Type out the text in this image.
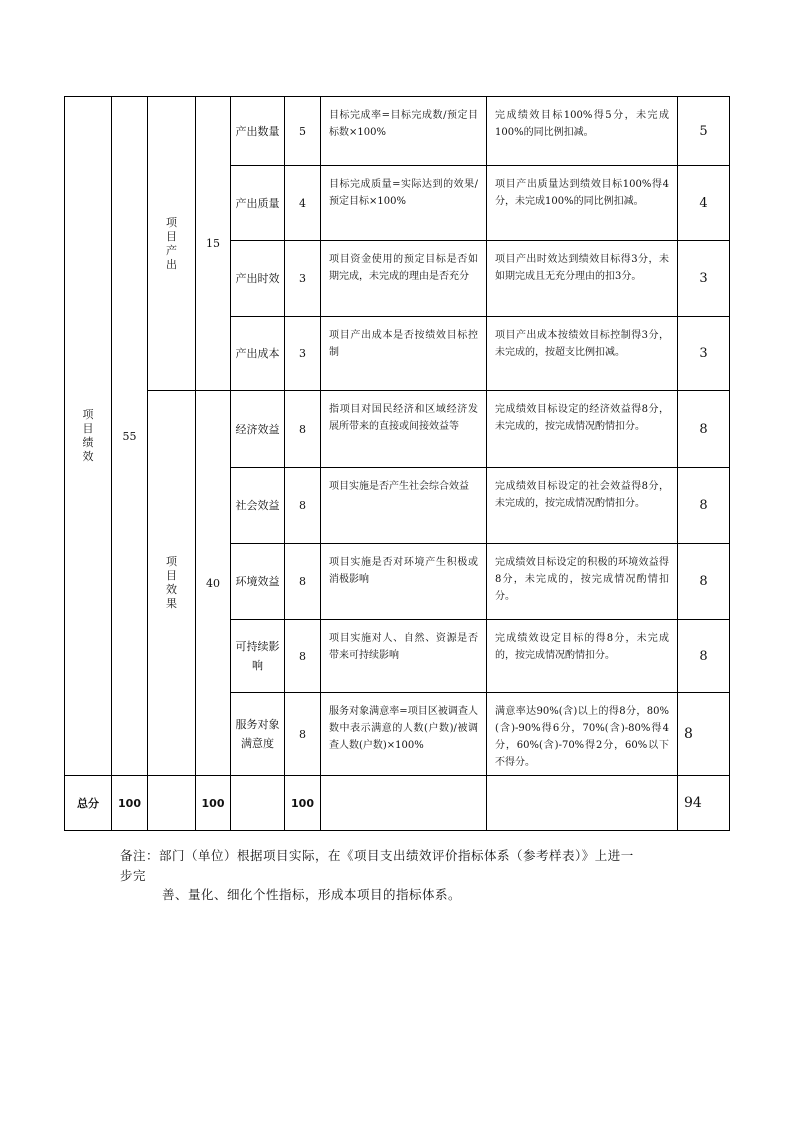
项目绩效	55	项目产出	15	产出数量	5	目标完成率=目标完成数/预定目标数×100%	完成绩效目标100%得5分，未完成100%的同比例扣减。	5
				产出质量	4	目标完成质量=实际达到的效果/预定目标×100%	项目产出质量达到绩效目标100%得4分，未完成100%的同比例扣减。	4
				产出时效	3	项目资金使用的预定目标是否如期完成，未完成的理由是否充分	项目产出时效达到绩效目标得3分，未如期完成且无充分理由的扣3分。	3
				产出成本	3	项目产出成本是否按绩效目标控制	项目产出成本按绩效目标控制得3分，未完成的，按超支比例扣减。	3
		项目效果	40	经济效益	8	指项目对国民经济和区域经济发展所带来的直接或间接效益等	完成绩效目标设定的经济效益得8分，未完成的，按完成情况酌情扣分。	8
				社会效益	8	项目实施是否产生社会综合效益	完成绩效目标设定的社会效益得8分，未完成的，按完成情况酌情扣分。	8
				环境效益	8	项目实施是否对环境产生积极或消极影响	完成绩效目标设定的积极的环境效益得8分，未完成的，按完成情况酌情扣分。	8
				可持续影响	8	项目实施对人、自然、资源是否带来可持续影响	完成绩效设定目标的得8分，未完成的，按完成情况酌情扣分。	8
				服务对象满意度	8	服务对象满意率=项目区被调查人数中表示满意的人数(户数)/被调查人数(户数)×100%	满意率达90%(含)以上的得8分，80%(含)-90%得6分，70%(含)-80%得4分，60%(含)-70%得2分，60%以下不得分。	8
总分	100		100		100			94
备注：部门（单位）根据项目实际，在《项目支出绩效评价指标体系（参考样表）》上进一
步完
善、量化、细化个性指标，形成本项目的指标体系。
